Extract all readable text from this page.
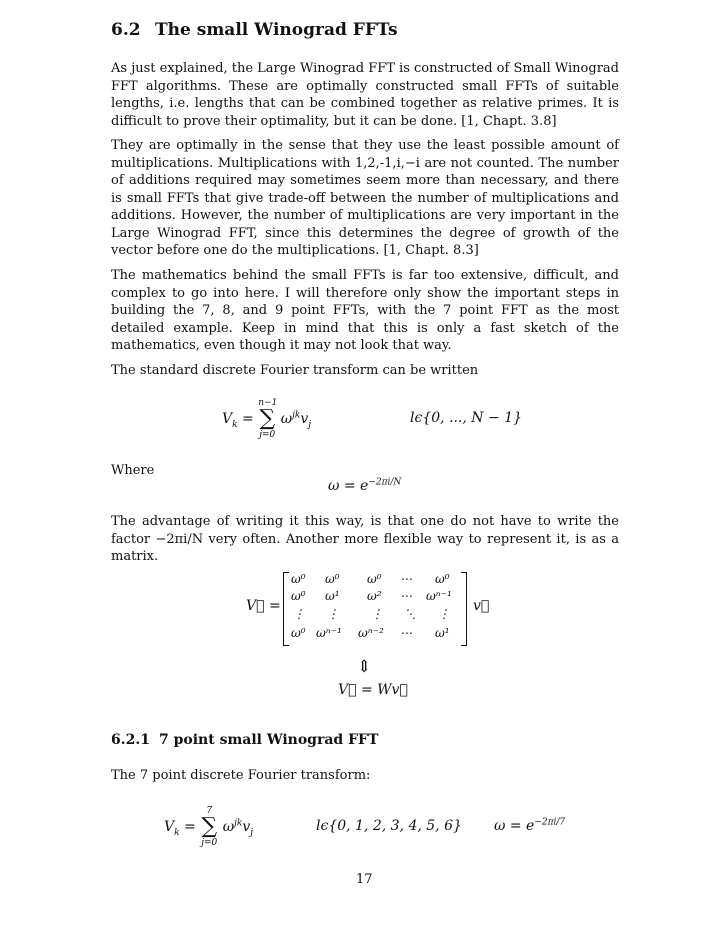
6.2 The small Winograd FFTs

As just explained, the Large Winograd FFT is constructed of Small Winograd FFT algorithms. These are optimally constructed small FFTs of suitable lengths, i.e. lengths that can be combined together as relative primes. It is difficult to prove their optimality, but it can be done. [1, Chapt. 3.8]

They are optimally in the sense that they use the least possible amount of multiplications. Multiplications with 1,2,-1,i,−i are not counted. The number of additions required may sometimes seem more than necessary, and there is small FFTs that give trade-off between the number of multiplications and additions. However, the number of multiplications are very important in the Large Winograd FFT, since this determines the degree of growth of the vector before one do the multiplications. [1, Chapt. 8.3]

The mathematics behind the small FFTs is far too extensive, difficult, and complex to go into here. I will therefore only show the important steps in building the 7, 8, and 9 point FFTs, with the 7 point FFT as the most detailed example. Keep in mind that this is only a fast sketch of the mathematics, even though it may not look that way.

The standard discrete Fourier transform can be written

$V_k$ =
n−1
∑
j=0
$\omega^{jk}v_j$	lϵ{0, ..., N − 1}

Where

$\omega = e^{-2\pi i/N}$

The advantage of writing it this way, is that one do not have to write the factor −2πi/N very often. Another more flexible way to represent it, is as a matrix.

V⃗ =
ω⁰ ω⁰ ω⁰ ⋯ ω⁰
ω⁰ ω¹ ω² ⋯ ωⁿ⁻¹
⋮ ⋮	⋮ ⋱ ⋮
ω⁰ ωⁿ⁻¹ ωⁿ⁻² ⋯ ω¹
v⃗
⇕
V⃗ = Wv⃗
6.2.1 7 point small Winograd FFT

The 7 point discrete Fourier transform:

$V_k$ =
7
∑
j=0
$\omega^{jk}v_j$	lϵ{0, 1, 2, 3, 4, 5, 6} $\omega = e^{-2\pi i/7}$
17
